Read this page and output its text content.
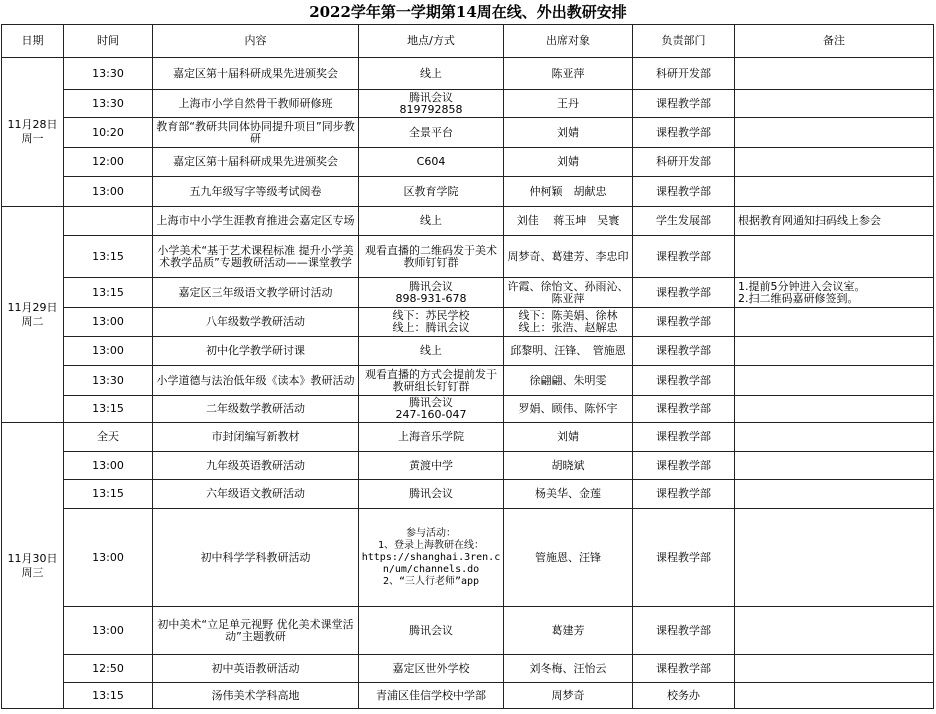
2022学年第一学期第14周在线、外出教研安排
日期	时间	内容	地点/方式	出席对象	负责部门	备注

11月28日
周一	13:30	嘉定区第十届科研成果先进颁奖会	线上	陈亚萍	科研开发部	

	13:30	上海市小学自然骨干教师研修班	腾讯会议
819792858	王丹	课程教学部	

	10:20	教育部“教研共同体协同提升项目”同步教研	全景平台	刘婧	课程教学部	

	12:00	嘉定区第十届科研成果先进颁奖会	C604	刘婧	科研开发部	

	13:00	五九年级写字等级考试阅卷	区教育学院	仲柯颖　胡献忠	课程教学部	

11月29日
周二		上海市中小学生涯教育推进会嘉定区专场	线上	刘佳　 蒋玉坤　吴寰	学生发展部	根据教育网通知扫码线上参会

	13:15	小学美术“基于艺术课程标准 提升小学美术教学品质”专题教研活动——课堂教学	观看直播的二维码发于美术教师钉钉群	周梦奇、葛建芳、李忠印	课程教学部	

	13:15	嘉定区三年级语文教学研讨活动	腾讯会议
898-931-678	许霞、徐怡文、孙雨沁、
陈亚萍	课程教学部	1.提前5分钟进入会议室。
2.扫二维码嘉研修签到。

	13:00	八年级数学教研活动	线下：苏民学校
线上：腾讯会议	线下：陈美娟、徐林
线上：张浩、赵解忠	课程教学部	

	13:00	初中化学教学研讨课	线上	邱黎明、汪锋、　管施恩	课程教学部	

	13:30	小学道德与法治低年级《读本》教研活动	观看直播的方式会提前发于教研组长钉钉群	徐翩翩、朱明雯	课程教学部	

	13:15	二年级数学教研活动	腾讯会议
247-160-047	罗娟、顾伟、陈怀宇	课程教学部	

11月30日
周三	全天	市封闭编写新教材	上海音乐学院	刘婧	课程教学部	

	13:00	九年级英语教研活动	黄渡中学	胡晓斌	课程教学部	

	13:15	六年级语文教研活动	腾讯会议	杨美华、金莲	课程教学部	

	13:00	初中科学学科教研活动	参与活动：
1、登录上海教研在线：
https://shanghai.3ren.c
n/um/channels.do
2、“三人行老师”app	管施恩、汪锋	课程教学部	

	13:00	初中美术“立足单元视野 优化美术课堂活动”主题教研	腾讯会议	葛建芳	课程教学部	

	12:50	初中英语教研活动	嘉定区世外学校	刘冬梅、汪怡云	课程教学部	

	13:15	汤伟美术学科高地	青浦区佳信学校中学部	周梦奇	校务办	
